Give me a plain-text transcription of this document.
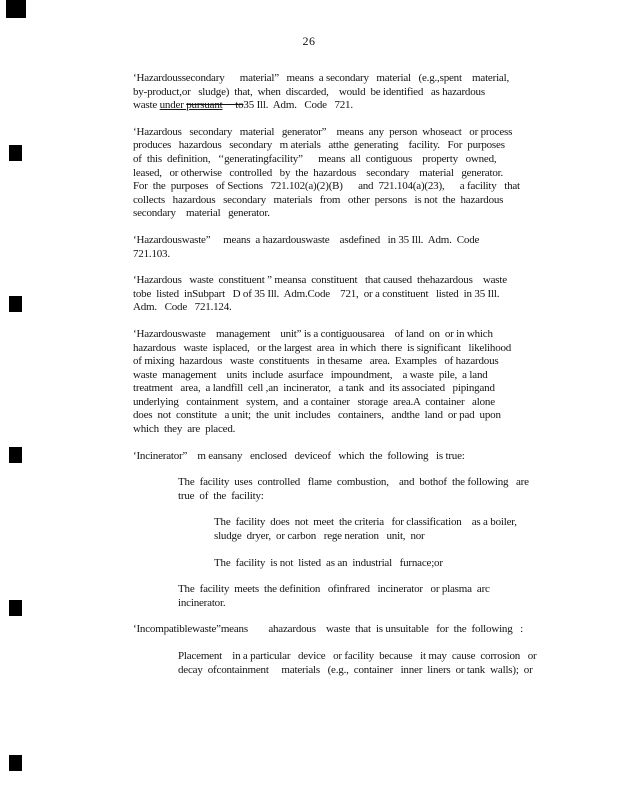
26

‘Hazardoussecondary      material”   means  a secondary   material   (e.g.,spent    material,
by-product,or   sludge)  that,  when  discarded,    would  be identified   as hazardous
waste under pursuant     to35 Ill.  Adm.   Code   721.

‘Hazardous   secondary   material   generator”    means  any  person  whoseact   or process
produces   hazardous   secondary   m aterials   atthe  generating    facility.   For  purposes
of  this  definition,   ‘‘generatingfacility”      means  all  contiguous    property   owned,
leased,   or otherwise   controlled   by  the  hazardous    secondary    material   generator.
For  the  purposes   of Sections   721.102(a)(2)(B)      and  721.104(a)(23),      a facility   that
collects   hazardous   secondary   materials   from   other  persons   is not  the  hazardous
secondary    material   generator.

‘Hazardouswaste”     means  a hazardouswaste    asdefined   in 35 Ill.  Adm.  Code
721.103.

‘Hazardous   waste  constituent ” meansa  constituent   that caused  thehazardous    waste
tobe  listed  inSubpart   D of 35 Ill.  Adm.Code    721,  or a constituent   listed  in 35 Ill.
Adm.   Code   721.124.

‘Hazardouswaste    management    unit” is a contiguousarea    of land  on  or in which
hazardous   waste  isplaced,   or the largest  area  in which  there  is significant   likelihood
of mixing  hazardous   waste  constituents   in thesame   area.  Examples   of hazardous
waste  management    units  include  asurface   impoundment,    a waste  pile,  a land
treatment   area,  a landfill  cell ,an  incinerator,   a tank  and  its associated   pipingand
underlying   containment   system,  and  a container   storage  area.A  container   alone
does  not  constitute   a unit;  the  unit  includes   containers,   andthe  land  or pad  upon
which  they  are  placed.

‘Incinerator”    m eansany   enclosed   deviceof   which  the  following   is true:

The  facility  uses  controlled   flame  combustion,    and  bothof  the following   are
true  of  the  facility:

The  facility  does  not  meet  the criteria   for classification    as a boiler,
sludge  dryer,  or carbon   rege neration   unit,  nor

The  facility  is not  listed  as an  industrial   furnace;or

The  facility  meets  the definition   ofinfrared   incinerator   or plasma  arc
incinerator.

‘Incompatiblewaste”means        ahazardous    waste  that  is unsuitable   for  the  following   :

Placement    in a particular   device   or facility  because   it may  cause  corrosion   or
decay  ofcontainment     materials   (e.g.,  container   inner  liners  or tank  walls);  or
